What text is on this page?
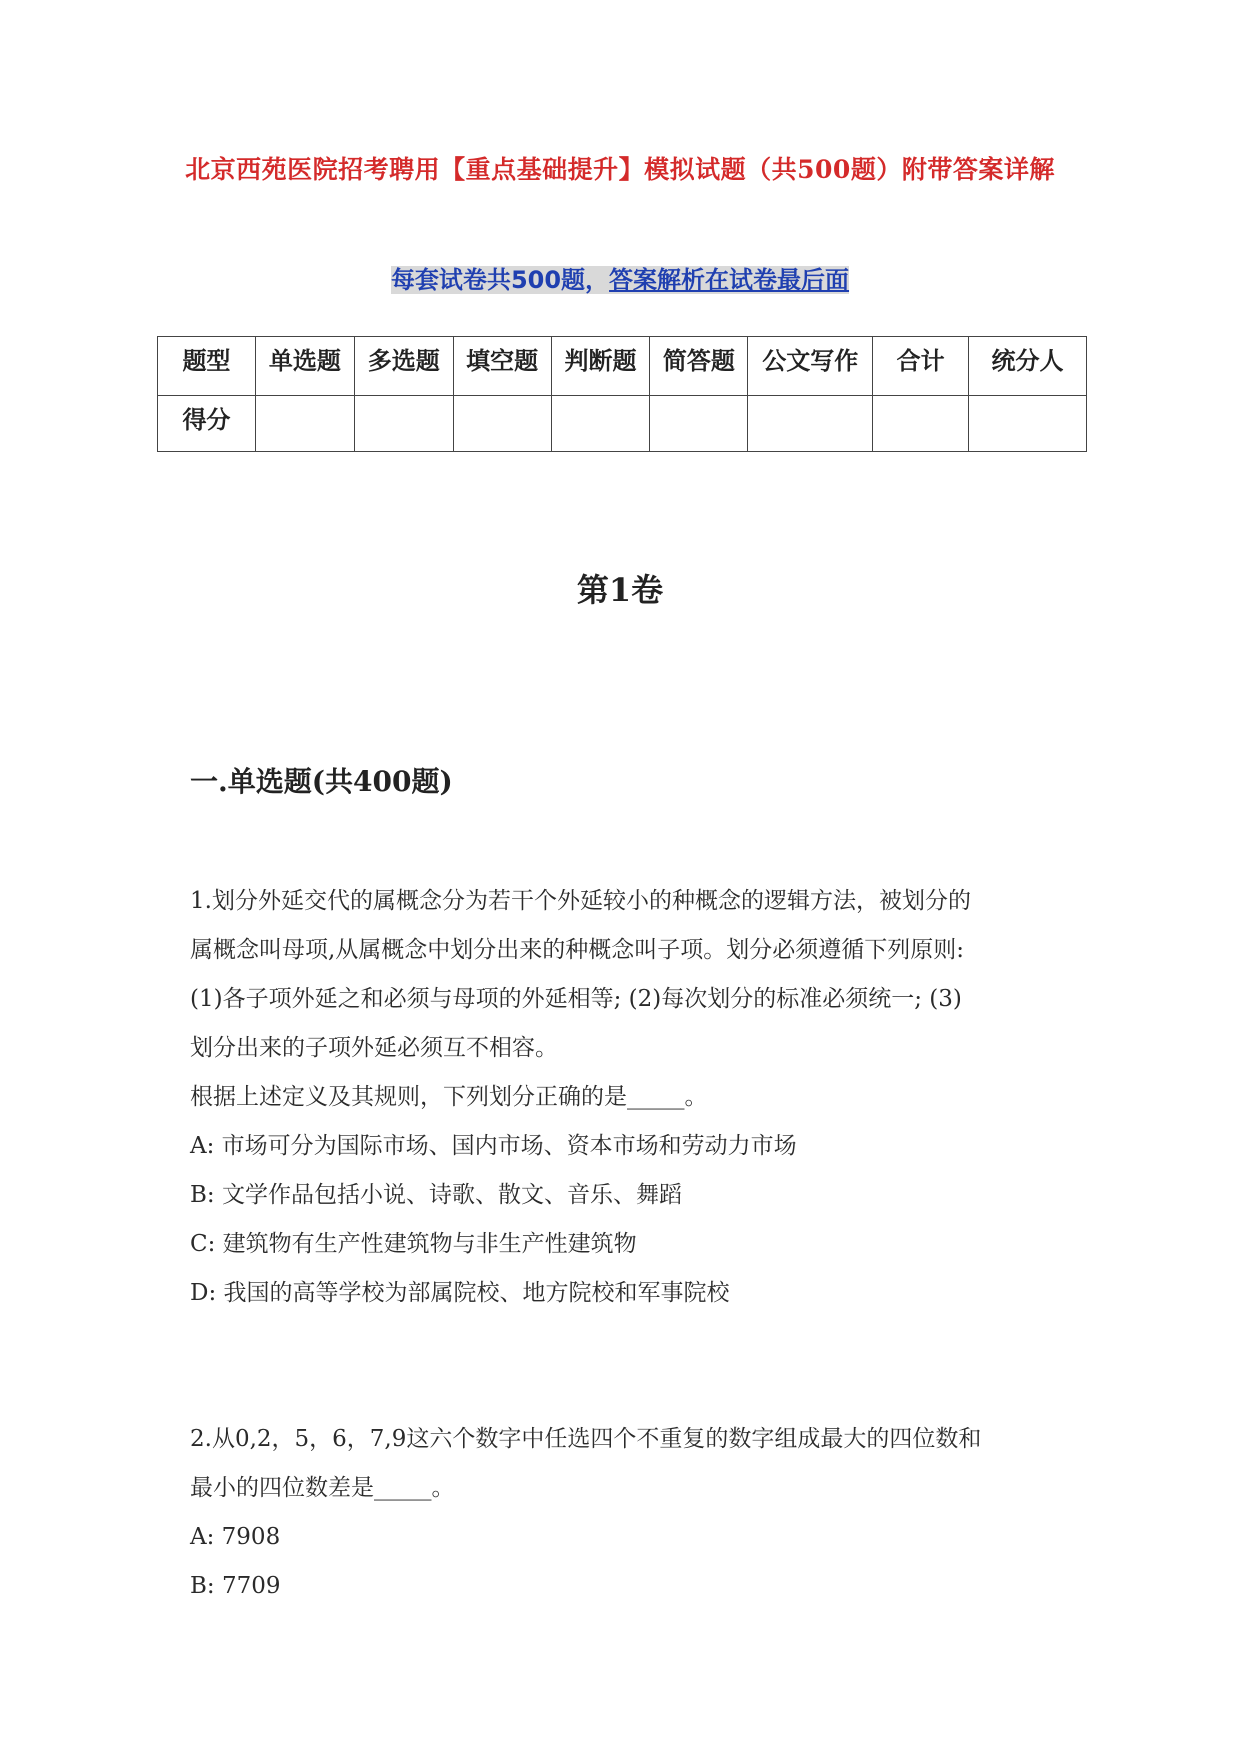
北京西苑医院招考聘用【重点基础提升】模拟试题（共500题）附带答案详解
每套试卷共500题，答案解析在试卷最后面
题型	单选题	多选题	填空题	判断题	简答题	公文写作	合计	统分人
得分								
第1卷
一.单选题(共400题)

1.划分外延交代的属概念分为若干个外延较小的种概念的逻辑方法，被划分的

属概念叫母项,从属概念中划分出来的种概念叫子项。划分必须遵循下列原则:

(1)各子项外延之和必须与母项的外延相等; (2)每次划分的标准必须统一; (3)

划分出来的子项外延必须互不相容。

根据上述定义及其规则，下列划分正确的是_____。

A: 市场可分为国际市场、国内市场、资本市场和劳动力市场

B: 文学作品包括小说、诗歌、散文、音乐、舞蹈

C: 建筑物有生产性建筑物与非生产性建筑物

D: 我国的高等学校为部属院校、地方院校和军事院校

2.从0,2，5，6，7,9这六个数字中任选四个不重复的数字组成最大的四位数和

最小的四位数差是_____。

A: 7908

B: 7709
